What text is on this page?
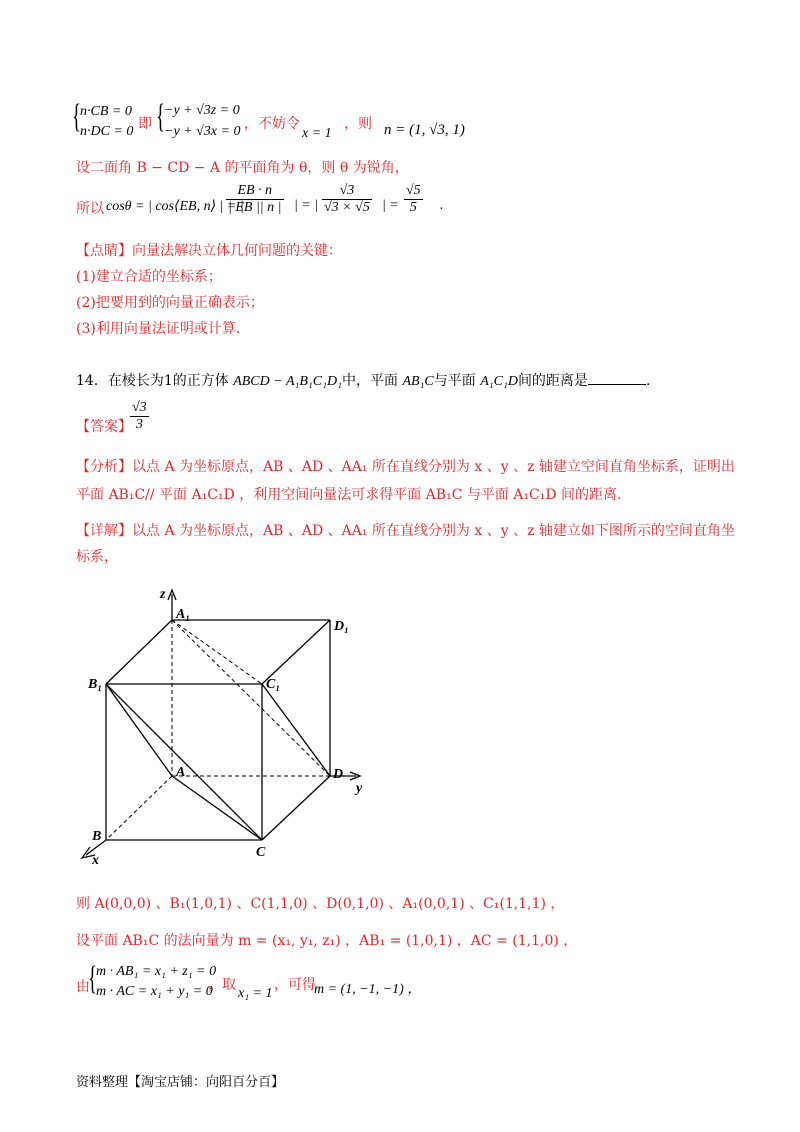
{ n·CB = 0
n·DC = 0 即 { −y + √3z = 0
−y + √3x = 0 ，不妨令
x = 1
，则 n = (1, √3, 1)
设二面角 B − CD − A 的平面角为 θ，则 θ 为锐角，
所以 cosθ = | cos⟨EB, n⟩ | = |
$\frac{EB \cdot n}{| EB || n |}$ | = | $\frac{√3}{√3 \times √5}$ | = $\frac{√5}{5}$ .
【点睛】向量法解决立体几何问题的关键：
(1)建立合适的坐标系；
(2)把要用到的向量正确表示；
(3)利用向量法证明或计算.
14．在棱长为1的正方体 ABCD − A₁B₁C₁D₁中，平面 AB₁C与平面 A₁C₁D间的距离是	.
【答案】
$\frac{√3}{3}$
【分析】以点 A 为坐标原点，AB 、AD 、AA₁ 所在直线分别为 x 、y 、z 轴建立空间直角坐标系，证明出
平面 AB₁C// 平面 A₁C₁D ，利用空间向量法可求得平面 AB₁C 与平面 A₁C₁D 间的距离.
【详解】以点 A 为坐标原点，AB 、AD 、AA₁ 所在直线分别为 x 、y 、z 轴建立如下图所示的空间直角坐
标系，
z
A₁
D₁
B₁	C₁
A	D
y
B
C
x
则 A(0,0,0) 、B₁(1,0,1) 、C(1,1,0) 、D(0,1,0) 、A₁(0,0,1) 、C₁(1,1,1) ，
设平面 AB₁C 的法向量为 m = (x₁, y₁, z₁) ，AB₁ = (1,0,1) ，AC = (1,1,0) ，
由
{ m · AB₁ = x₁ + z₁ = 0
m · AC = x₁ + y₁ = 0
，取
x₁ = 1
，可得
m = (1, −1, −1) ，
资料整理【淘宝店铺：向阳百分百】
